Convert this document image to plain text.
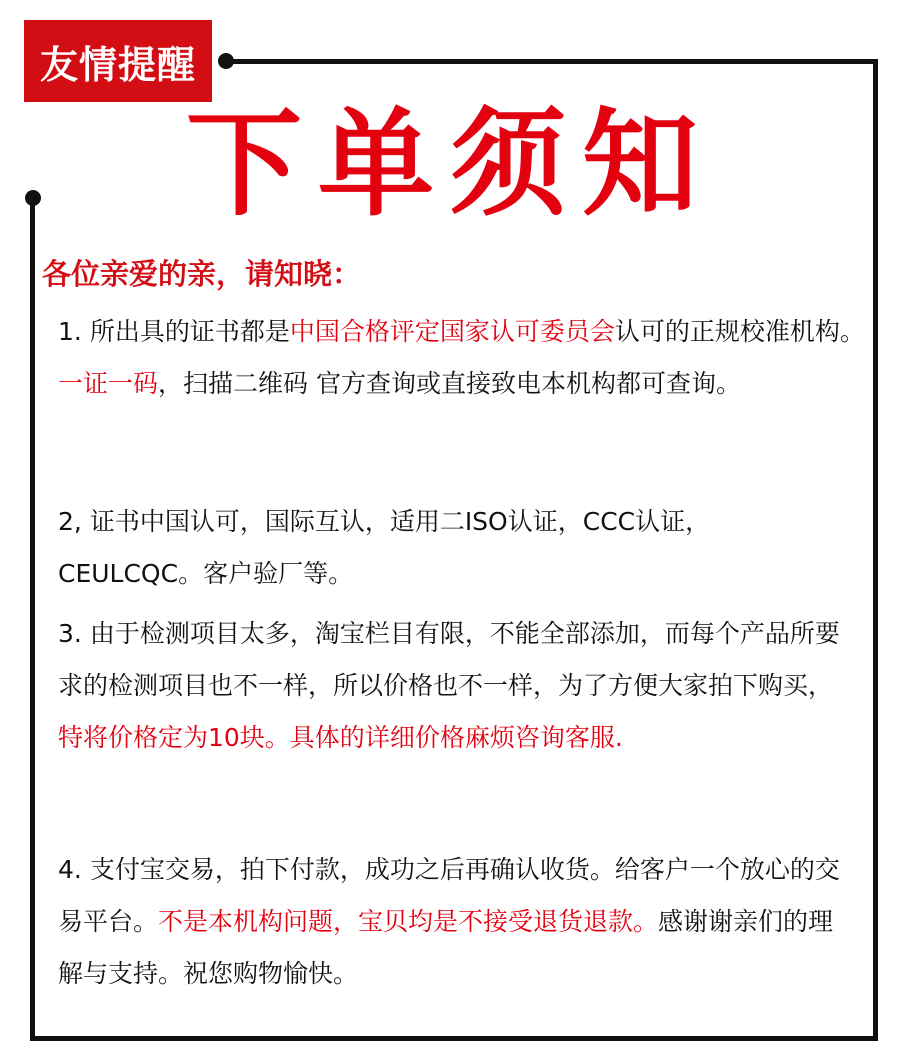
友情提醒
下单须知
各位亲爱的亲，请知晓：
1. 所出具的证书都是中国合格评定国家认可委员会认可的正规校准机构。一证一码，扫描二维码 官方查询或直接致电本机构都可查询。
2, 证书中国认可，国际互认，适用二ISO认证，CCC认证，CEULCQC。客户验厂等。
3. 由于检测项目太多，淘宝栏目有限，不能全部添加，而每个产品所要求的检测项目也不一样，所以价格也不一样，为了方便大家拍下购买，特将价格定为10块。具体的详细价格麻烦咨询客服.
4. 支付宝交易，拍下付款，成功之后再确认收货。给客户一个放心的交易平台。不是本机构问题，宝贝均是不接受退货退款。感谢谢亲们的理解与支持。祝您购物愉快。
